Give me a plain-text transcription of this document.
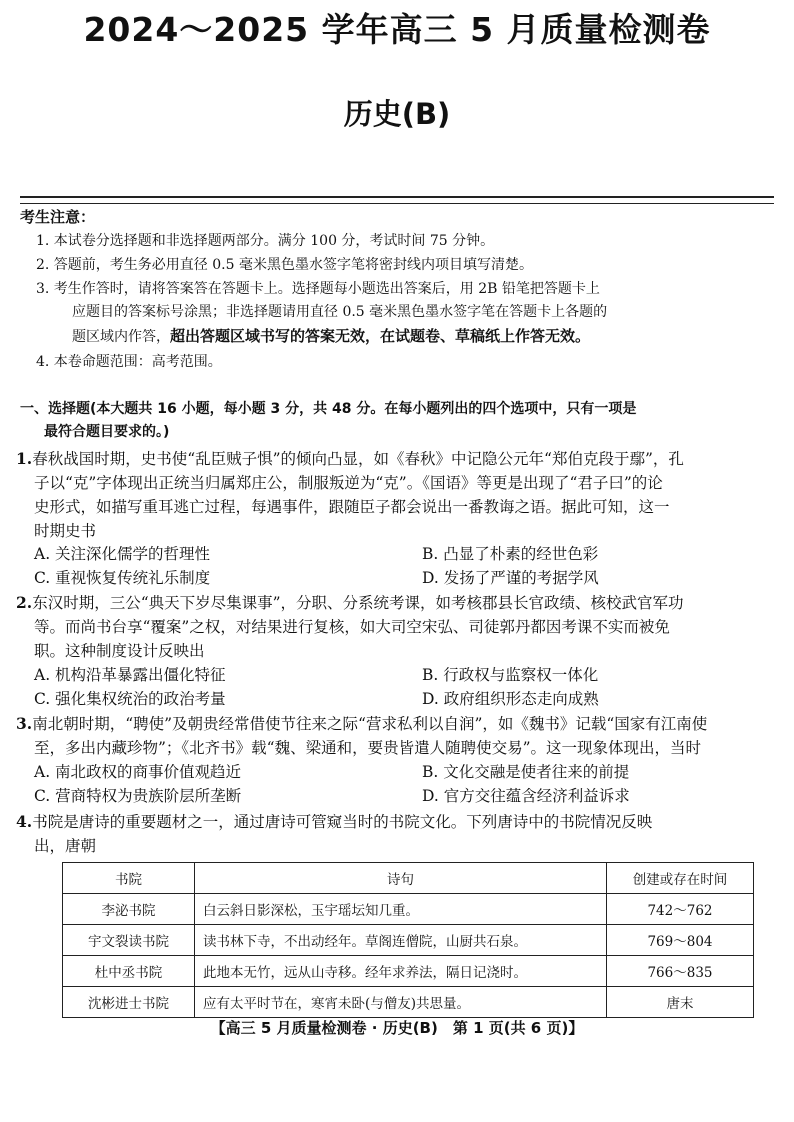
2024～2025 学年高三 5 月质量检测卷
历史(B)
考生注意：
1. 本试卷分选择题和非选择题两部分。满分 100 分，考试时间 75 分钟。
2. 答题前，考生务必用直径 0.5 毫米黑色墨水签字笔将密封线内项目填写清楚。
3. 考生作答时，请将答案答在答题卡上。选择题每小题选出答案后，用 2B 铅笔把答题卡上
应题目的答案标号涂黑；非选择题请用直径 0.5 毫米黑色墨水签字笔在答题卡上各题的
题区域内作答，超出答题区域书写的答案无效，在试题卷、草稿纸上作答无效。
4. 本卷命题范围：高考范围。
一、选择题(本大题共 16 小题，每小题 3 分，共 48 分。在每小题列出的四个选项中，只有一项是
最符合题目要求的。)
1.春秋战国时期，史书使“乱臣贼子惧”的倾向凸显，如《春秋》中记隐公元年“郑伯克段于鄢”，孔
子以“克”字体现出正统当归属郑庄公，制服叛逆为“克”。《国语》等更是出现了“君子曰”的论
史形式，如描写重耳逃亡过程，每遇事件，跟随臣子都会说出一番教诲之语。据此可知，这一
时期史书
A. 关注深化儒学的哲理性	B. 凸显了朴素的经世色彩
C. 重视恢复传统礼乐制度	D. 发扬了严谨的考据学风
2.东汉时期，三公“典天下岁尽集课事”，分职、分系统考课，如考核郡县长官政绩、核校武官军功
等。而尚书台享“覆案”之权，对结果进行复核，如大司空宋弘、司徒郭丹都因考课不实而被免
职。这种制度设计反映出
A. 机构沿革暴露出僵化特征	B. 行政权与监察权一体化
C. 强化集权统治的政治考量	D. 政府组织形态走向成熟
3.南北朝时期，“聘使”及朝贵经常借使节往来之际“营求私利以自润”，如《魏书》记载“国家有江南使
至，多出内藏珍物”；《北齐书》载“魏、梁通和，要贵皆遣人随聘使交易”。这一现象体现出，当时
A. 南北政权的商事价值观趋近	B. 文化交融是使者往来的前提
C. 营商特权为贵族阶层所垄断	D. 官方交往蕴含经济利益诉求
4.书院是唐诗的重要题材之一，通过唐诗可管窥当时的书院文化。下列唐诗中的书院情况反映
出，唐朝
书院	诗句	创建或存在时间
李泌书院	白云斜日影深松，玉宇瑶坛知几重。	742～762
宇文裂读书院	读书林下寺，不出动经年。草阁连僧院，山厨共石泉。	769～804
杜中丞书院	此地本无竹，远从山寺移。经年求养法，隔日记浇时。	766～835
沈彬进士书院	应有太平时节在，寒宵未卧(与僧友)共思量。	唐末
【高三 5 月质量检测卷 · 历史(B)　第 1 页(共 6 页)】
